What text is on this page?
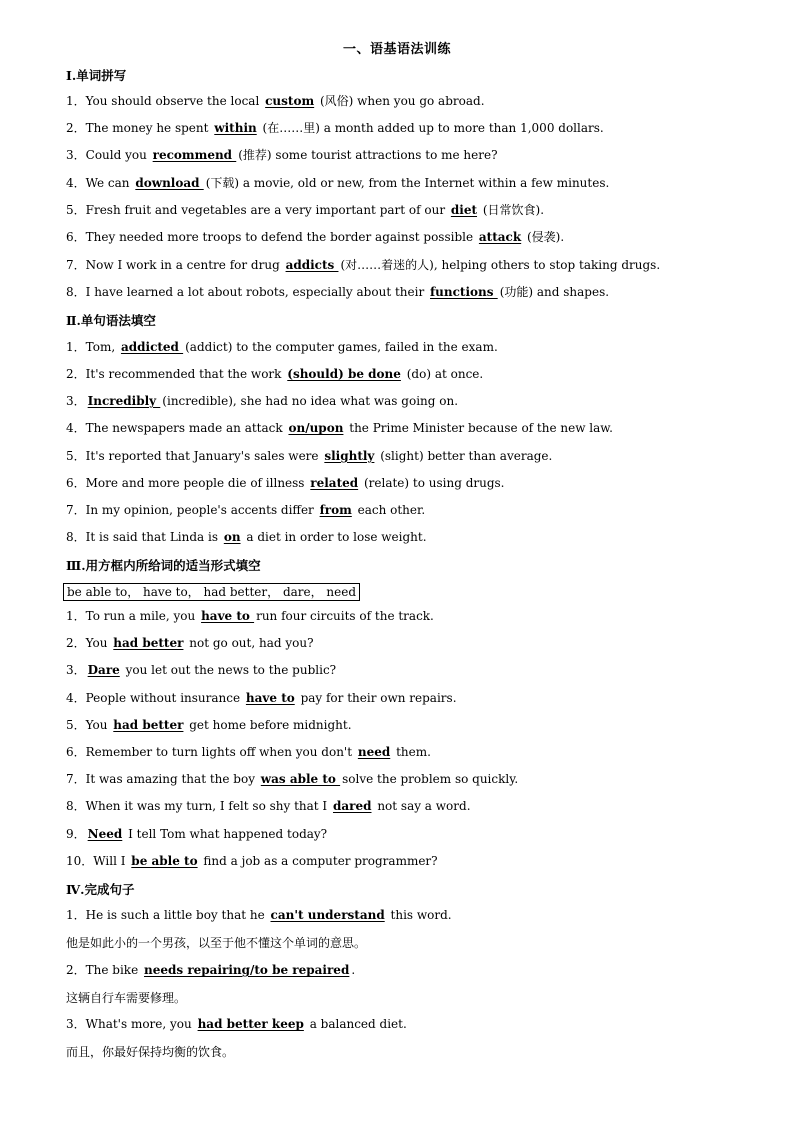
一、语基语法训练
Ⅰ.单词拼写
1．You should observe the local custom (风俗) when you go abroad.
2．The money he spent within (在……里) a month added up to more than 1,000 dollars.
3．Could you recommend (推荐) some tourist attractions to me here?
4．We can download (下载) a movie, old or new, from the Internet within a few minutes.
5．Fresh fruit and vegetables are a very important part of our diet (日常饮食).
6．They needed more troops to defend the border against possible attack (侵袭).
7．Now I work in a centre for drug addicts (对……着迷的人), helping others to stop taking drugs.
8．I have learned a lot about robots, especially about their functions (功能) and shapes.
Ⅱ.单句语法填空
1．Tom, addicted (addict) to the computer games, failed in the exam.
2．It's recommended that the work (should) be done (do) at once.
3． Incredibly (incredible), she had no idea what was going on.
4．The newspapers made an attack on/upon the Prime Minister because of the new law.
5．It's reported that January's sales were slightly (slight) better than average.
6．More and more people die of illness related (relate) to using drugs.
7．In my opinion, people's accents differ from each other.
8．It is said that Linda is on a diet in order to lose weight.
Ⅲ.用方框内所给词的适当形式填空
be able to， have to， had better， dare， need
1．To run a mile, you have to run four circuits of the track.
2．You had better not go out, had you?
3． Dare you let out the news to the public?
4．People without insurance have to pay for their own repairs.
5．You had better get home before midnight.
6．Remember to turn lights off when you don't need them.
7．It was amazing that the boy was able to solve the problem so quickly.
8．When it was my turn, I felt so shy that I dared not say a word.
9． Need I tell Tom what happened today?
10．Will I be able to find a job as a computer programmer?
Ⅳ.完成句子
1．He is such a little boy that he can't understand this word.
他是如此小的一个男孩，以至于他不懂这个单词的意思。
2．The bike needs repairing/to be repaired .
这辆自行车需要修理。
3．What's more, you had better keep a balanced diet.
而且，你最好保持均衡的饮食。
